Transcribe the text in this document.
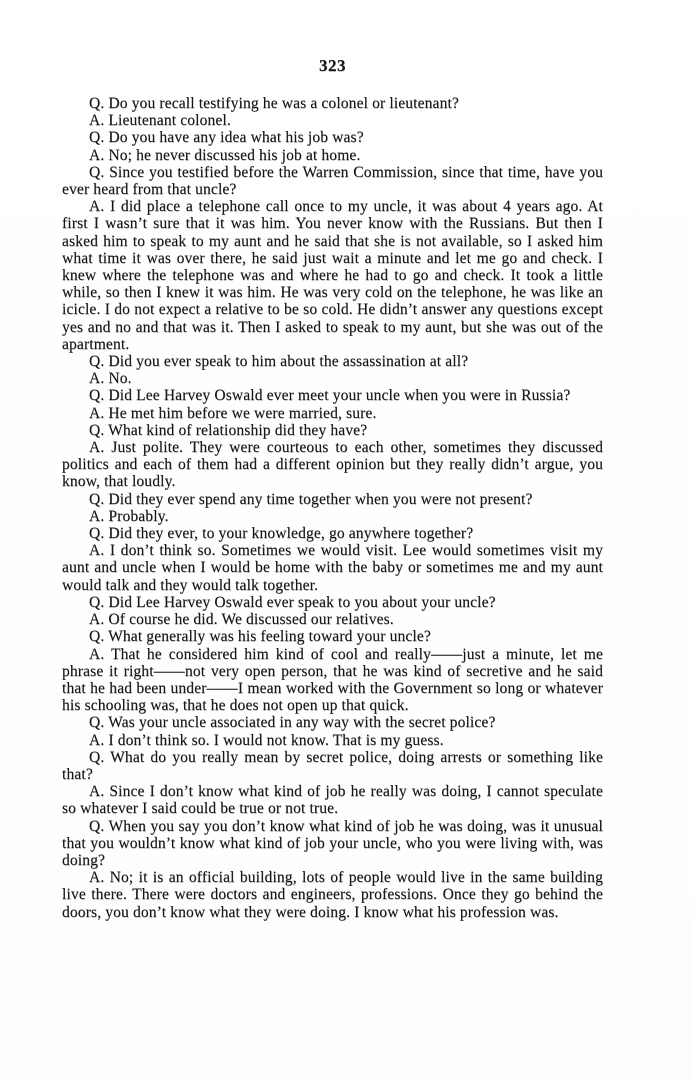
323

Q. Do you recall testifying he was a colonel or lieutenant?

A. Lieutenant colonel.

Q. Do you have any idea what his job was?

A. No; he never discussed his job at home.

Q. Since you testified before the Warren Commission, since that time, have you ever heard from that uncle?

A. I did place a telephone call once to my uncle, it was about 4 years ago. At first I wasn’t sure that it was him. You never know with the Russians. But then I asked him to speak to my aunt and he said that she is not available, so I asked him what time it was over there, he said just wait a minute and let me go and check. I knew where the telephone was and where he had to go and check. It took a little while, so then I knew it was him. He was very cold on the telephone, he was like an icicle. I do not expect a relative to be so cold. He didn’t answer any questions except yes and no and that was it. Then I asked to speak to my aunt, but she was out of the apartment.

Q. Did you ever speak to him about the assassination at all?

A. No.

Q. Did Lee Harvey Oswald ever meet your uncle when you were in Russia?

A. He met him before we were married, sure.

Q. What kind of relationship did they have?

A. Just polite. They were courteous to each other, sometimes they discussed politics and each of them had a different opinion but they really didn’t argue, you know, that loudly.

Q. Did they ever spend any time together when you were not present?

A. Probably.

Q. Did they ever, to your knowledge, go anywhere together?

A. I don’t think so. Sometimes we would visit. Lee would sometimes visit my aunt and uncle when I would be home with the baby or sometimes me and my aunt would talk and they would talk together.

Q. Did Lee Harvey Oswald ever speak to you about your uncle?

A. Of course he did. We discussed our relatives.

Q. What generally was his feeling toward your uncle?

A. That he considered him kind of cool and really——just a minute, let me phrase it right——not very open person, that he was kind of secretive and he said that he had been under——I mean worked with the Government so long or whatever his schooling was, that he does not open up that quick.

Q. Was your uncle associated in any way with the secret police?

A. I don’t think so. I would not know. That is my guess.

Q. What do you really mean by secret police, doing arrests or something like that?

A. Since I don’t know what kind of job he really was doing, I cannot speculate so whatever I said could be true or not true.

Q. When you say you don’t know what kind of job he was doing, was it unusual that you wouldn’t know what kind of job your uncle, who you were living with, was doing?

A. No; it is an official building, lots of people would live in the same building live there. There were doctors and engineers, professions. Once they go behind the doors, you don’t know what they were doing. I know what his profession was.
